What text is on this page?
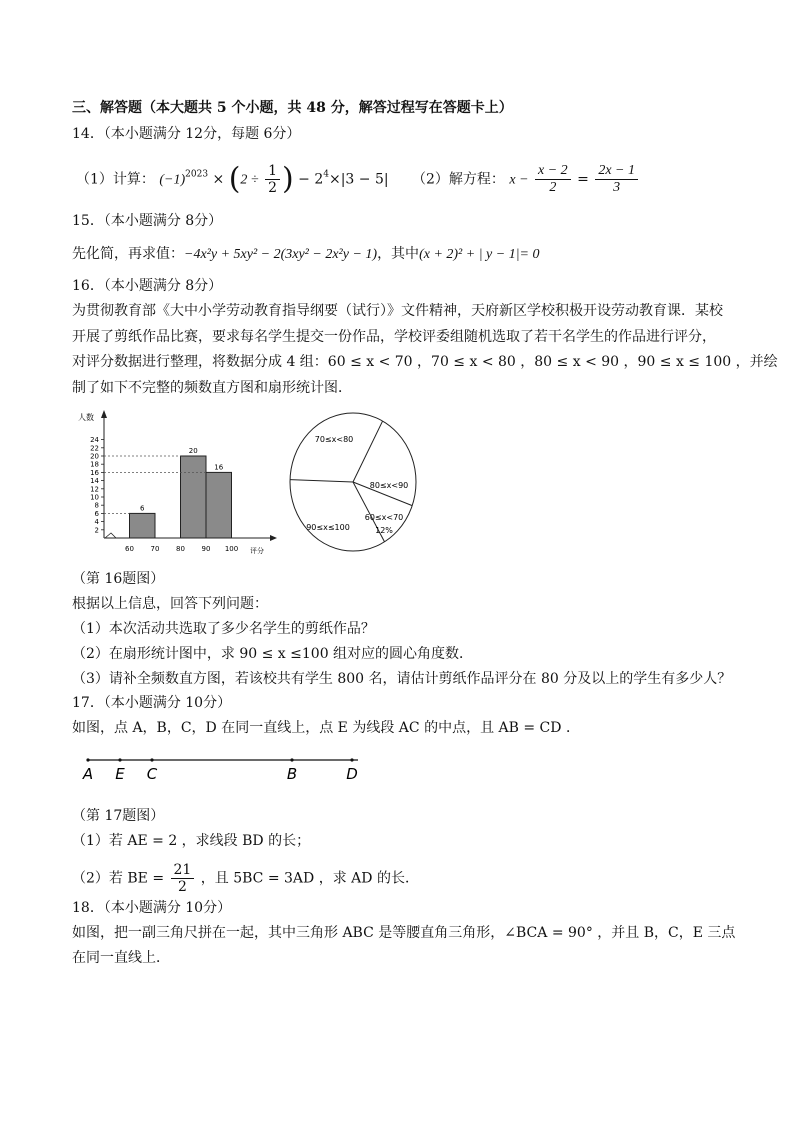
三、解答题（本大题共 5 个小题，共 48 分，解答过程写在答题卡上）
14．（本小题满分 12分，每题 6分）
（1）计算： $(-1)^{2023} \times (2 \div \frac{1}{2}$ ) − $2^4\times|3 - 5|$ （2）解方程： $x - \frac{x - 2}{2} = \frac{2x - 1}{3}$
15．（本小题满分 8分）
先化简，再求值：−4x²y + 5xy² − 2(3xy² − 2x²y − 1)，其中(x + 2)² + | y − 1|= 0
16．（本小题满分 8分）
为贯彻教育部《大中小学劳动教育指导纲要（试行）》文件精神，天府新区学校积极开设劳动教育课．某校
开展了剪纸作品比赛，要求每名学生提交一份作品，学校评委组随机选取了若干名学生的作品进行评分，
对评分数据进行整理，将数据分成 4 组：60 ≤ x < 70 ，70 ≤ x < 80 ，80 ≤ x < 90 ，90 ≤ x ≤ 100 ，并绘
制了如下不完整的频数直方图和扇形统计图．
人数
评分
2
4
6
8
10
12
14
16
18
20
22
24
60 70 80 90 100
6
20
16
70≤x<80
80≤x<90
60≤x<70
90≤x≤100	12%
（第 16题图）
根据以上信息，回答下列问题：
（1）本次活动共选取了多少名学生的剪纸作品？
（2）在扇形统计图中，求 90 ≤ x ≤100 组对应的圆心角度数．
（3）请补全频数直方图，若该校共有学生 800 名，请估计剪纸作品评分在 80 分及以上的学生有多少人？
17．（本小题满分 10分）
如图，点 A，B，C，D 在同一直线上，点 E 为线段 AC 的中点，且 AB = CD ．
A E C	B	D
（第 17题图）
（1）若 AE = 2 ，求线段 BD 的长；
（2）若 BE = $\frac{21}{2}$ ，且 5BC = 3AD ，求 AD 的长．
18．（本小题满分 10分）
如图，把一副三角尺拼在一起，其中三角形 ABC 是等腰直角三角形，∠BCA = 90° ，并且 B，C，E 三点
在同一直线上．
